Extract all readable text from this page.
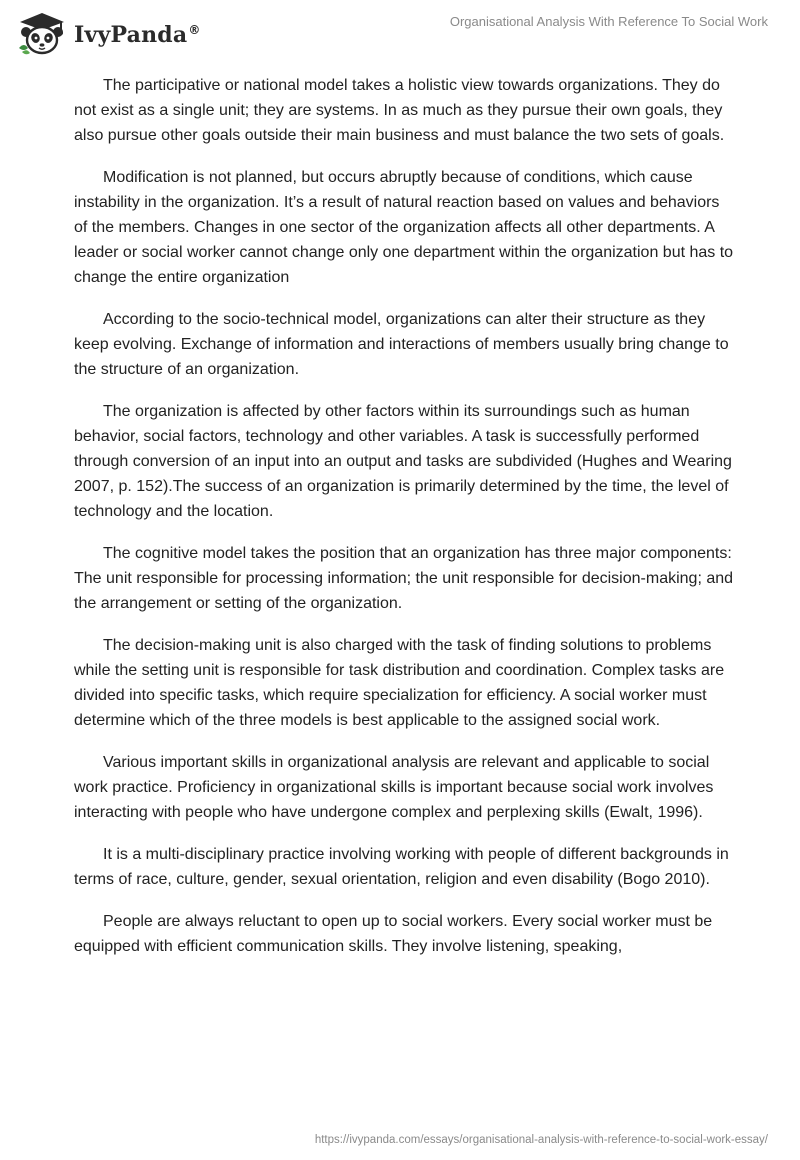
IvyPanda®
Organisational Analysis With Reference To Social Work

The participative or national model takes a holistic view towards organizations. They do not exist as a single unit; they are systems. In as much as they pursue their own goals, they also pursue other goals outside their main business and must balance the two sets of goals.

Modification is not planned, but occurs abruptly because of conditions, which cause instability in the organization. It’s a result of natural reaction based on values and behaviors of the members. Changes in one sector of the organization affects all other departments. A leader or social worker cannot change only one department within the organization but has to change the entire organization

According to the socio-technical model, organizations can alter their structure as they keep evolving. Exchange of information and interactions of members usually bring change to the structure of an organization.

The organization is affected by other factors within its surroundings such as human behavior, social factors, technology and other variables. A task is successfully performed through conversion of an input into an output and tasks are subdivided (Hughes and Wearing 2007, p. 152).The success of an organization is primarily determined by the time, the level of technology and the location.

The cognitive model takes the position that an organization has three major components: The unit responsible for processing information; the unit responsible for decision-making; and the arrangement or setting of the organization.

The decision-making unit is also charged with the task of finding solutions to problems while the setting unit is responsible for task distribution and coordination. Complex tasks are divided into specific tasks, which require specialization for efficiency. A social worker must determine which of the three models is best applicable to the assigned social work.

Various important skills in organizational analysis are relevant and applicable to social work practice. Proficiency in organizational skills is important because social work involves interacting with people who have undergone complex and perplexing skills (Ewalt, 1996).

It is a multi-disciplinary practice involving working with people of different backgrounds in terms of race, culture, gender, sexual orientation, religion and even disability (Bogo 2010).

People are always reluctant to open up to social workers. Every social worker must be equipped with efficient communication skills. They involve listening, speaking,

https://ivypanda.com/essays/organisational-analysis-with-reference-to-social-work-essay/
